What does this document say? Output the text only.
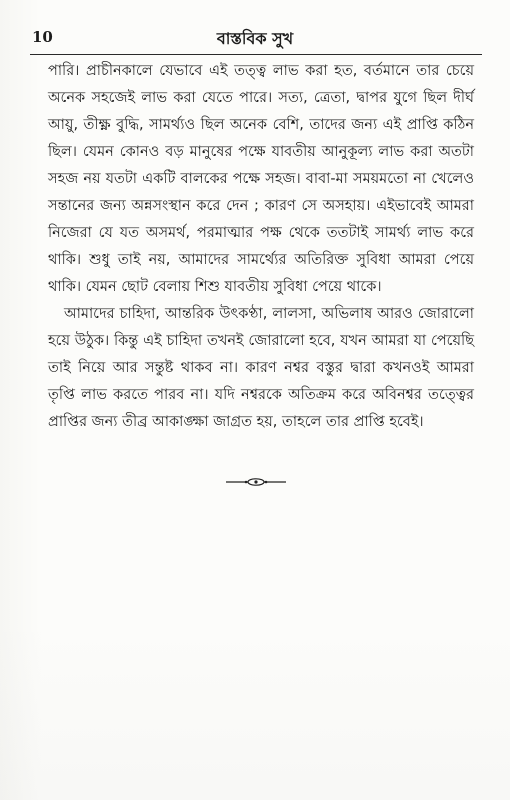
10	বাস্তবিক সুখ

পারি। প্রাচীনকালে যেভাবে এই তত্ত্ব লাভ করা হত, বর্তমানে তার চেয়ে অনেক সহজেই লাভ করা যেতে পারে। সত্য, ত্রেতা, দ্বাপর যুগে ছিল দীর্ঘ আয়ু, তীক্ষ্ণ বুদ্ধি, সামর্থ্যও ছিল অনেক বেশি, তাদের জন্য এই প্রাপ্তি কঠিন ছিল। যেমন কোনও বড় মানুষের পক্ষে যাবতীয় আনুকূল্য লাভ করা অতটা সহজ নয় যতটা একটি বালকের পক্ষে সহজ। বাবা-মা সময়মতো না খেলেও সন্তানের জন্য অন্নসংস্থান করে দেন ; কারণ সে অসহায়। এইভাবেই আমরা নিজেরা যে যত অসমর্থ, পরমাত্মার পক্ষ থেকে ততটাই সামর্থ্য লাভ করে থাকি। শুধু তাই নয়, আমাদের সামর্থ্যের অতিরিক্ত সুবিধা আমরা পেয়ে থাকি। যেমন ছোট বেলায় শিশু যাবতীয় সুবিধা পেয়ে থাকে।

আমাদের চাহিদা, আন্তরিক উৎকণ্ঠা, লালসা, অভিলাষ আরও জোরালো হয়ে উঠুক। কিন্তু এই চাহিদা তখনই জোরালো হবে, যখন আমরা যা পেয়েছি তাই নিয়ে আর সন্তুষ্ট থাকব না। কারণ নশ্বর বস্তুর দ্বারা কখনওই আমরা তৃপ্তি লাভ করতে পারব না। যদি নশ্বরকে অতিক্রম করে অবিনশ্বর তত্ত্বের প্রাপ্তির জন্য তীব্র আকাঙ্ক্ষা জাগ্রত হয়, তাহলে তার প্রাপ্তি হবেই।
